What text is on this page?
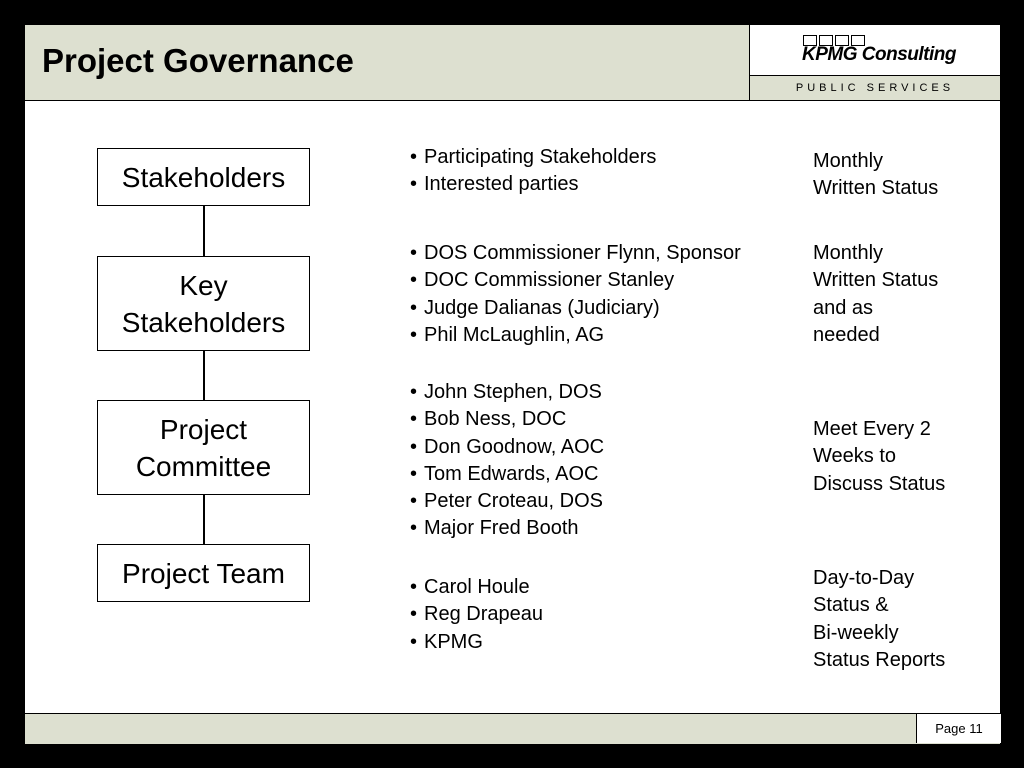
Project Governance	KPMG Consulting
PUBLIC SERVICES
Stakeholders
Key
Stakeholders
Project
Committee
Project Team
• Participating Stakeholders
• Interested parties
• DOS Commissioner Flynn, Sponsor
• DOC Commissioner Stanley
• Judge Dalianas (Judiciary)
• Phil McLaughlin, AG
• John Stephen, DOS
• Bob Ness, DOC
• Don Goodnow, AOC
• Tom Edwards, AOC
• Peter Croteau, DOS
• Major Fred Booth
• Carol Houle
• Reg Drapeau
• KPMG

Monthly
Written Status

Monthly
Written Status
and as
needed

Meet Every 2
Weeks to
Discuss Status

Day-to-Day
Status &
Bi-weekly
Status Reports

Page 11
